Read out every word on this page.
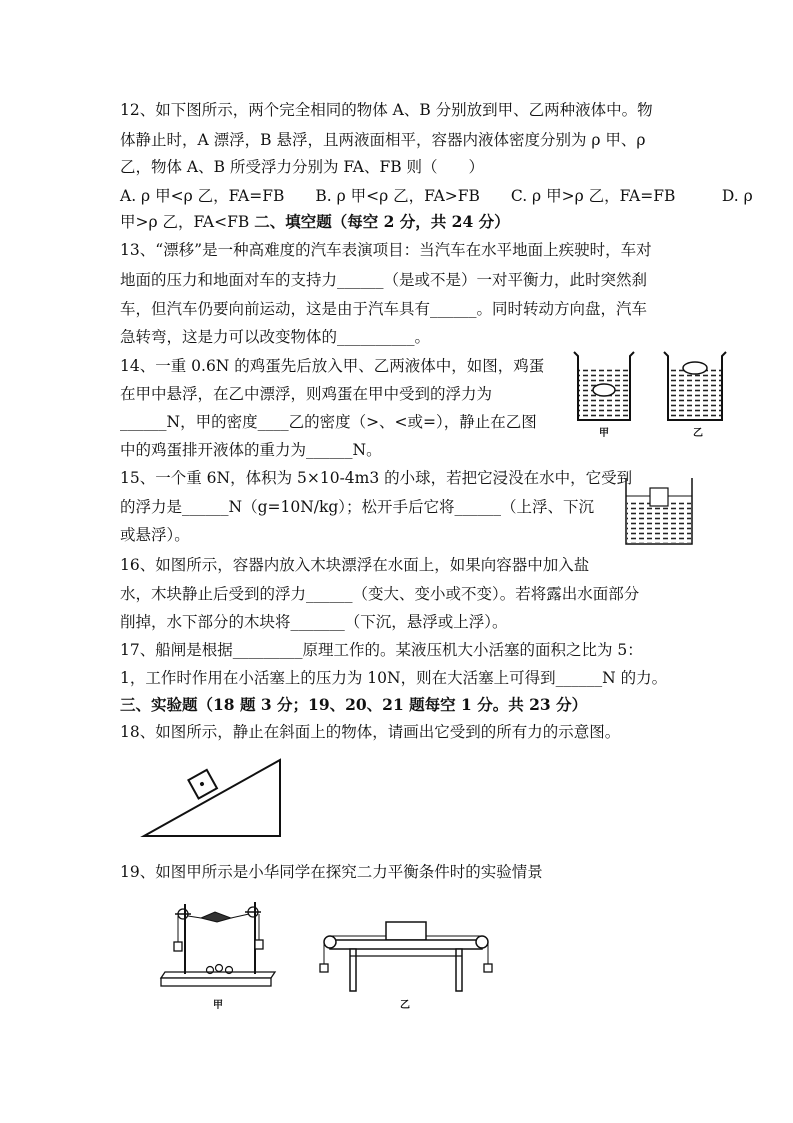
12、如下图所示，两个完全相同的物体 A、B 分别放到甲、乙两种液体中。物
体静止时，A 漂浮，B 悬浮，且两液面相平，容器内液体密度分别为 ρ 甲、ρ
乙，物体 A、B 所受浮力分别为 FA、FB 则（　　）
A. ρ 甲<ρ 乙，FA=FB　　B. ρ 甲<ρ 乙，FA>FB　　C. ρ 甲>ρ 乙，FA=FB　　　D. ρ
甲>ρ 乙，FA<FB 二、填空题（每空 2 分，共 24 分）
13、“漂移”是一种高难度的汽车表演项目：当汽车在水平地面上疾驶时，车对
地面的压力和地面对车的支持力______（是或不是）一对平衡力，此时突然刹
车，但汽车仍要向前运动，这是由于汽车具有______。同时转动方向盘，汽车
急转弯，这是力可以改变物体的__________。
14、一重 0.6N 的鸡蛋先后放入甲、乙两液体中，如图，鸡蛋
在甲中悬浮，在乙中漂浮，则鸡蛋在甲中受到的浮力为
______N，甲的密度____乙的密度（>、<或=），静止在乙图
中的鸡蛋排开液体的重力为______N。
甲	乙
15、一个重 6N，体积为 5×10-4m3 的小球，若把它浸没在水中，它受到
的浮力是______N（g=10N/kg）；松开手后它将______（上浮、下沉
或悬浮）。
16、如图所示，容器内放入木块漂浮在水面上，如果向容器中加入盐
水，木块静止后受到的浮力______（变大、变小或不变）。若将露出水面部分
削掉，水下部分的木块将_______（下沉，悬浮或上浮）。
17、船闸是根据_________原理工作的。某液压机大小活塞的面积之比为 5：
1，工作时作用在小活塞上的压力为 10N，则在大活塞上可得到______N 的力。
三、实验题（18 题 3 分；19、20、21 题每空 1 分。共 23 分）
18、如图所示，静止在斜面上的物体，请画出它受到的所有力的示意图。
19、如图甲所示是小华同学在探究二力平衡条件时的实验情景
甲	乙
